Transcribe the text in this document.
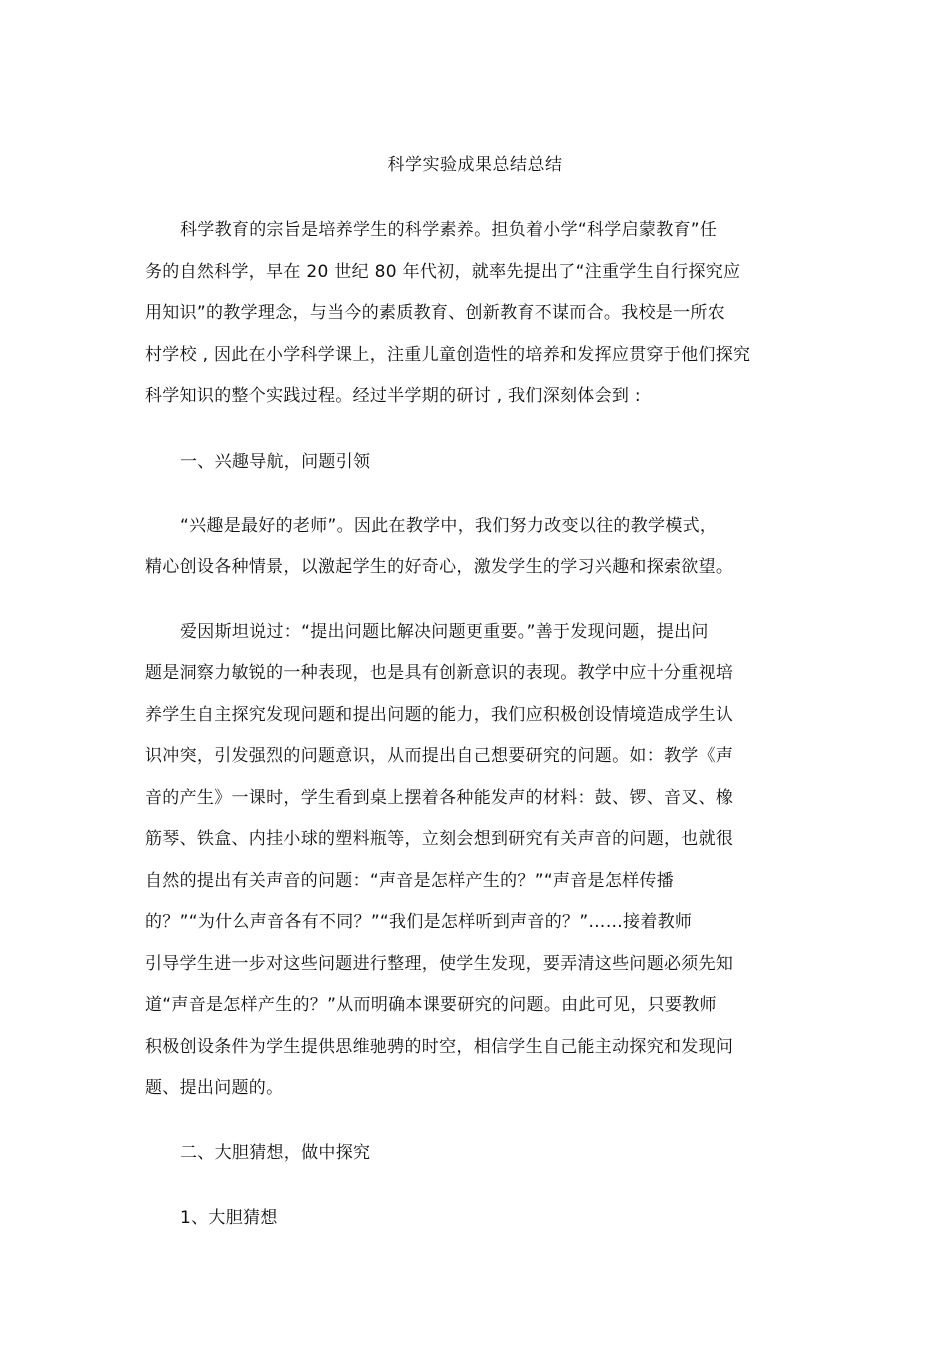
科学实验成果总结总结
科学教育的宗旨是培养学生的科学素养。担负着小学“科学启蒙教育”任
务的自然科学，早在 20 世纪 80 年代初，就率先提出了“注重学生自行探究应
用知识”的教学理念，与当今的素质教育、创新教育不谋而合。我校是一所农
村学校 , 因此在小学科学课上，注重儿童创造性的培养和发挥应贯穿于他们探究
科学知识的整个实践过程。经过半学期的研讨 , 我们深刻体会到 :
一、兴趣导航，问题引领
“兴趣是最好的老师”。因此在教学中，我们努力改变以往的教学模式，
精心创设各种情景，以激起学生的好奇心，激发学生的学习兴趣和探索欲望。
爱因斯坦说过：“提出问题比解决问题更重要。”善于发现问题，提出问
题是洞察力敏锐的一种表现，也是具有创新意识的表现。教学中应十分重视培
养学生自主探究发现问题和提出问题的能力，我们应积极创设情境造成学生认
识冲突，引发强烈的问题意识，从而提出自己想要研究的问题。如：教学《声
音的产生》一课时，学生看到桌上摆着各种能发声的材料：鼓、锣、音叉、橡
筋琴、铁盒、内挂小球的塑料瓶等，立刻会想到研究有关声音的问题，也就很
自然的提出有关声音的问题：“声音是怎样产生的？”“声音是怎样传播
的？”“为什么声音各有不同？”“我们是怎样听到声音的？”……接着教师
引导学生进一步对这些问题进行整理，使学生发现，要弄清这些问题必须先知
道“声音是怎样产生的？”从而明确本课要研究的问题。由此可见，只要教师
积极创设条件为学生提供思维驰骋的时空，相信学生自己能主动探究和发现问
题、提出问题的。
二、大胆猜想，做中探究
1、大胆猜想
